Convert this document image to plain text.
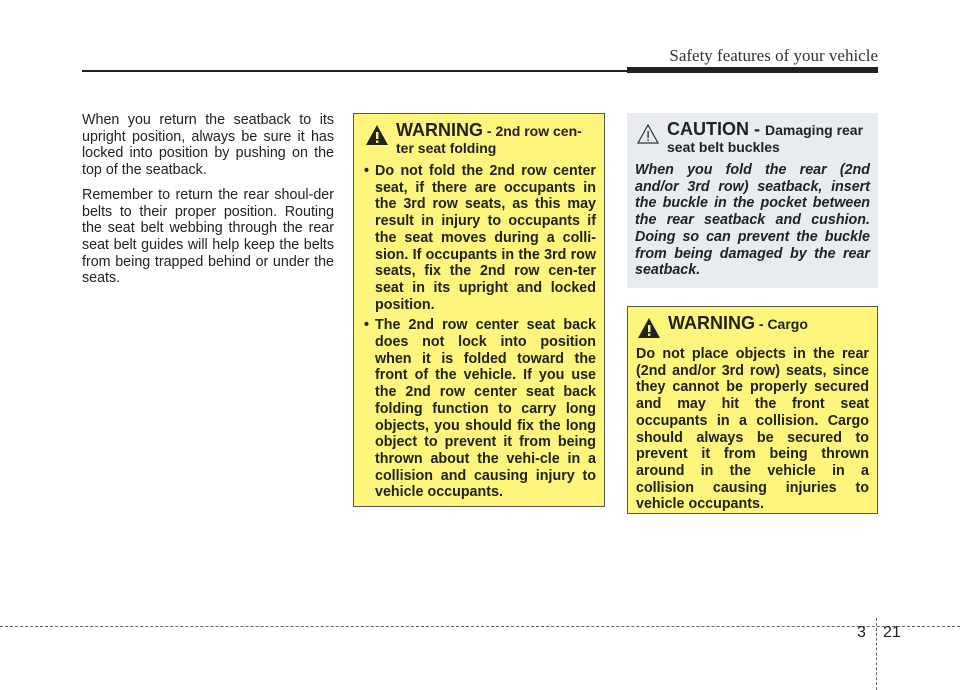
Safety features of your vehicle

When you return the seatback to its upright position, always be sure it has locked into position by pushing on the top of the seatback.

Remember to return the rear shoul-der belts to their proper position. Routing the seat belt webbing through the rear seat belt guides will help keep the belts from being trapped behind or under the seats.

WARNING - 2nd row cen-ter seat folding
• Do not fold the 2nd row center seat, if there are occupants in the 3rd row seats, as this may result in injury to occupants if the seat moves during a colli-sion. If occupants in the 3rd row seats, fix the 2nd row cen-ter seat in its upright and locked position.
• The 2nd row center seat back does not lock into position when it is folded toward the front of the vehicle. If you use the 2nd row center seat back folding function to carry long objects, you should fix the long object to prevent it from being thrown about the vehi-cle in a collision and causing injury to vehicle occupants.
CAUTION - Damaging rear seat belt buckles

When you fold the rear (2nd and/or 3rd row) seatback, insert the buckle in the pocket between the rear seatback and cushion. Doing so can prevent the buckle from being damaged by the rear seatback.

WARNING - Cargo

Do not place objects in the rear (2nd and/or 3rd row) seats, since they cannot be properly secured and may hit the front seat occupants in a collision. Cargo should always be secured to prevent it from being thrown around in the vehicle in a collision causing injuries to vehicle occupants.

3 21
